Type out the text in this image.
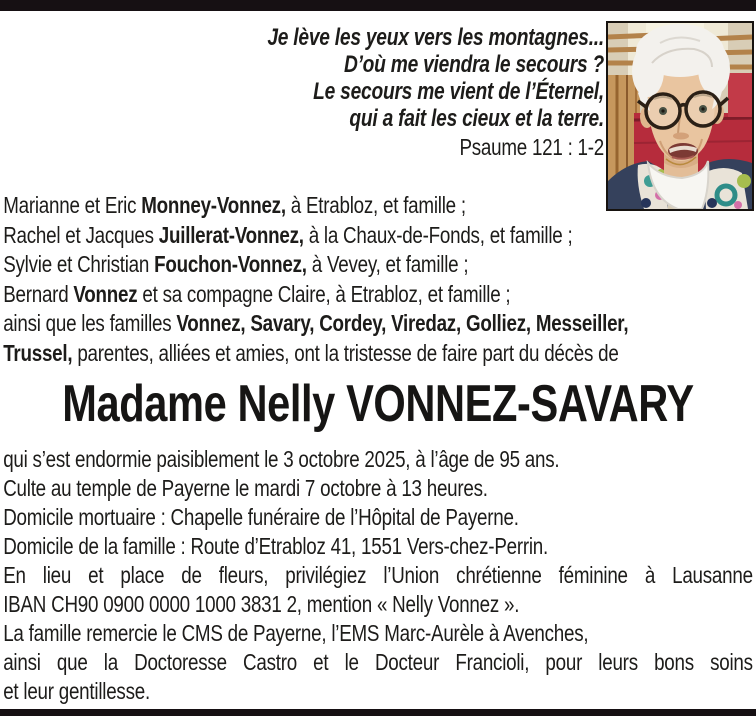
Je lève les yeux vers les montagnes...
D’où me viendra le secours ?
Le secours me vient de l’Éternel,
qui a fait les cieux et la terre.
Psaume 121 : 1-2
Marianne et Eric Monney-Vonnez, à Etrabloz, et famille ;
Rachel et Jacques Juillerat-Vonnez, à la Chaux-de-Fonds, et famille ;
Sylvie et Christian Fouchon-Vonnez, à Vevey, et famille ;
Bernard Vonnez et sa compagne Claire, à Etrabloz, et famille ;
ainsi que les familles Vonnez, Savary, Cordey, Viredaz, Golliez, Messeiller,
Trussel, parentes, alliées et amies, ont la tristesse de faire part du décès de
Madame Nelly VONNEZ-SAVARY
qui s’est endormie paisiblement le 3 octobre 2025, à l’âge de 95 ans.
Culte au temple de Payerne le mardi 7 octobre à 13 heures.
Domicile mortuaire : Chapelle funéraire de l’Hôpital de Payerne.
Domicile de la famille : Route d’Etrabloz 41, 1551 Vers-chez-Perrin.
En lieu et place de fleurs, privilégiez l’Union chrétienne féminine à Lausanne
IBAN CH90 0900 0000 1000 3831 2, mention « Nelly Vonnez ».
La famille remercie le CMS de Payerne, l’EMS Marc-Aurèle à Avenches,
ainsi que la Doctoresse Castro et le Docteur Francioli, pour leurs bons soins
et leur gentillesse.
